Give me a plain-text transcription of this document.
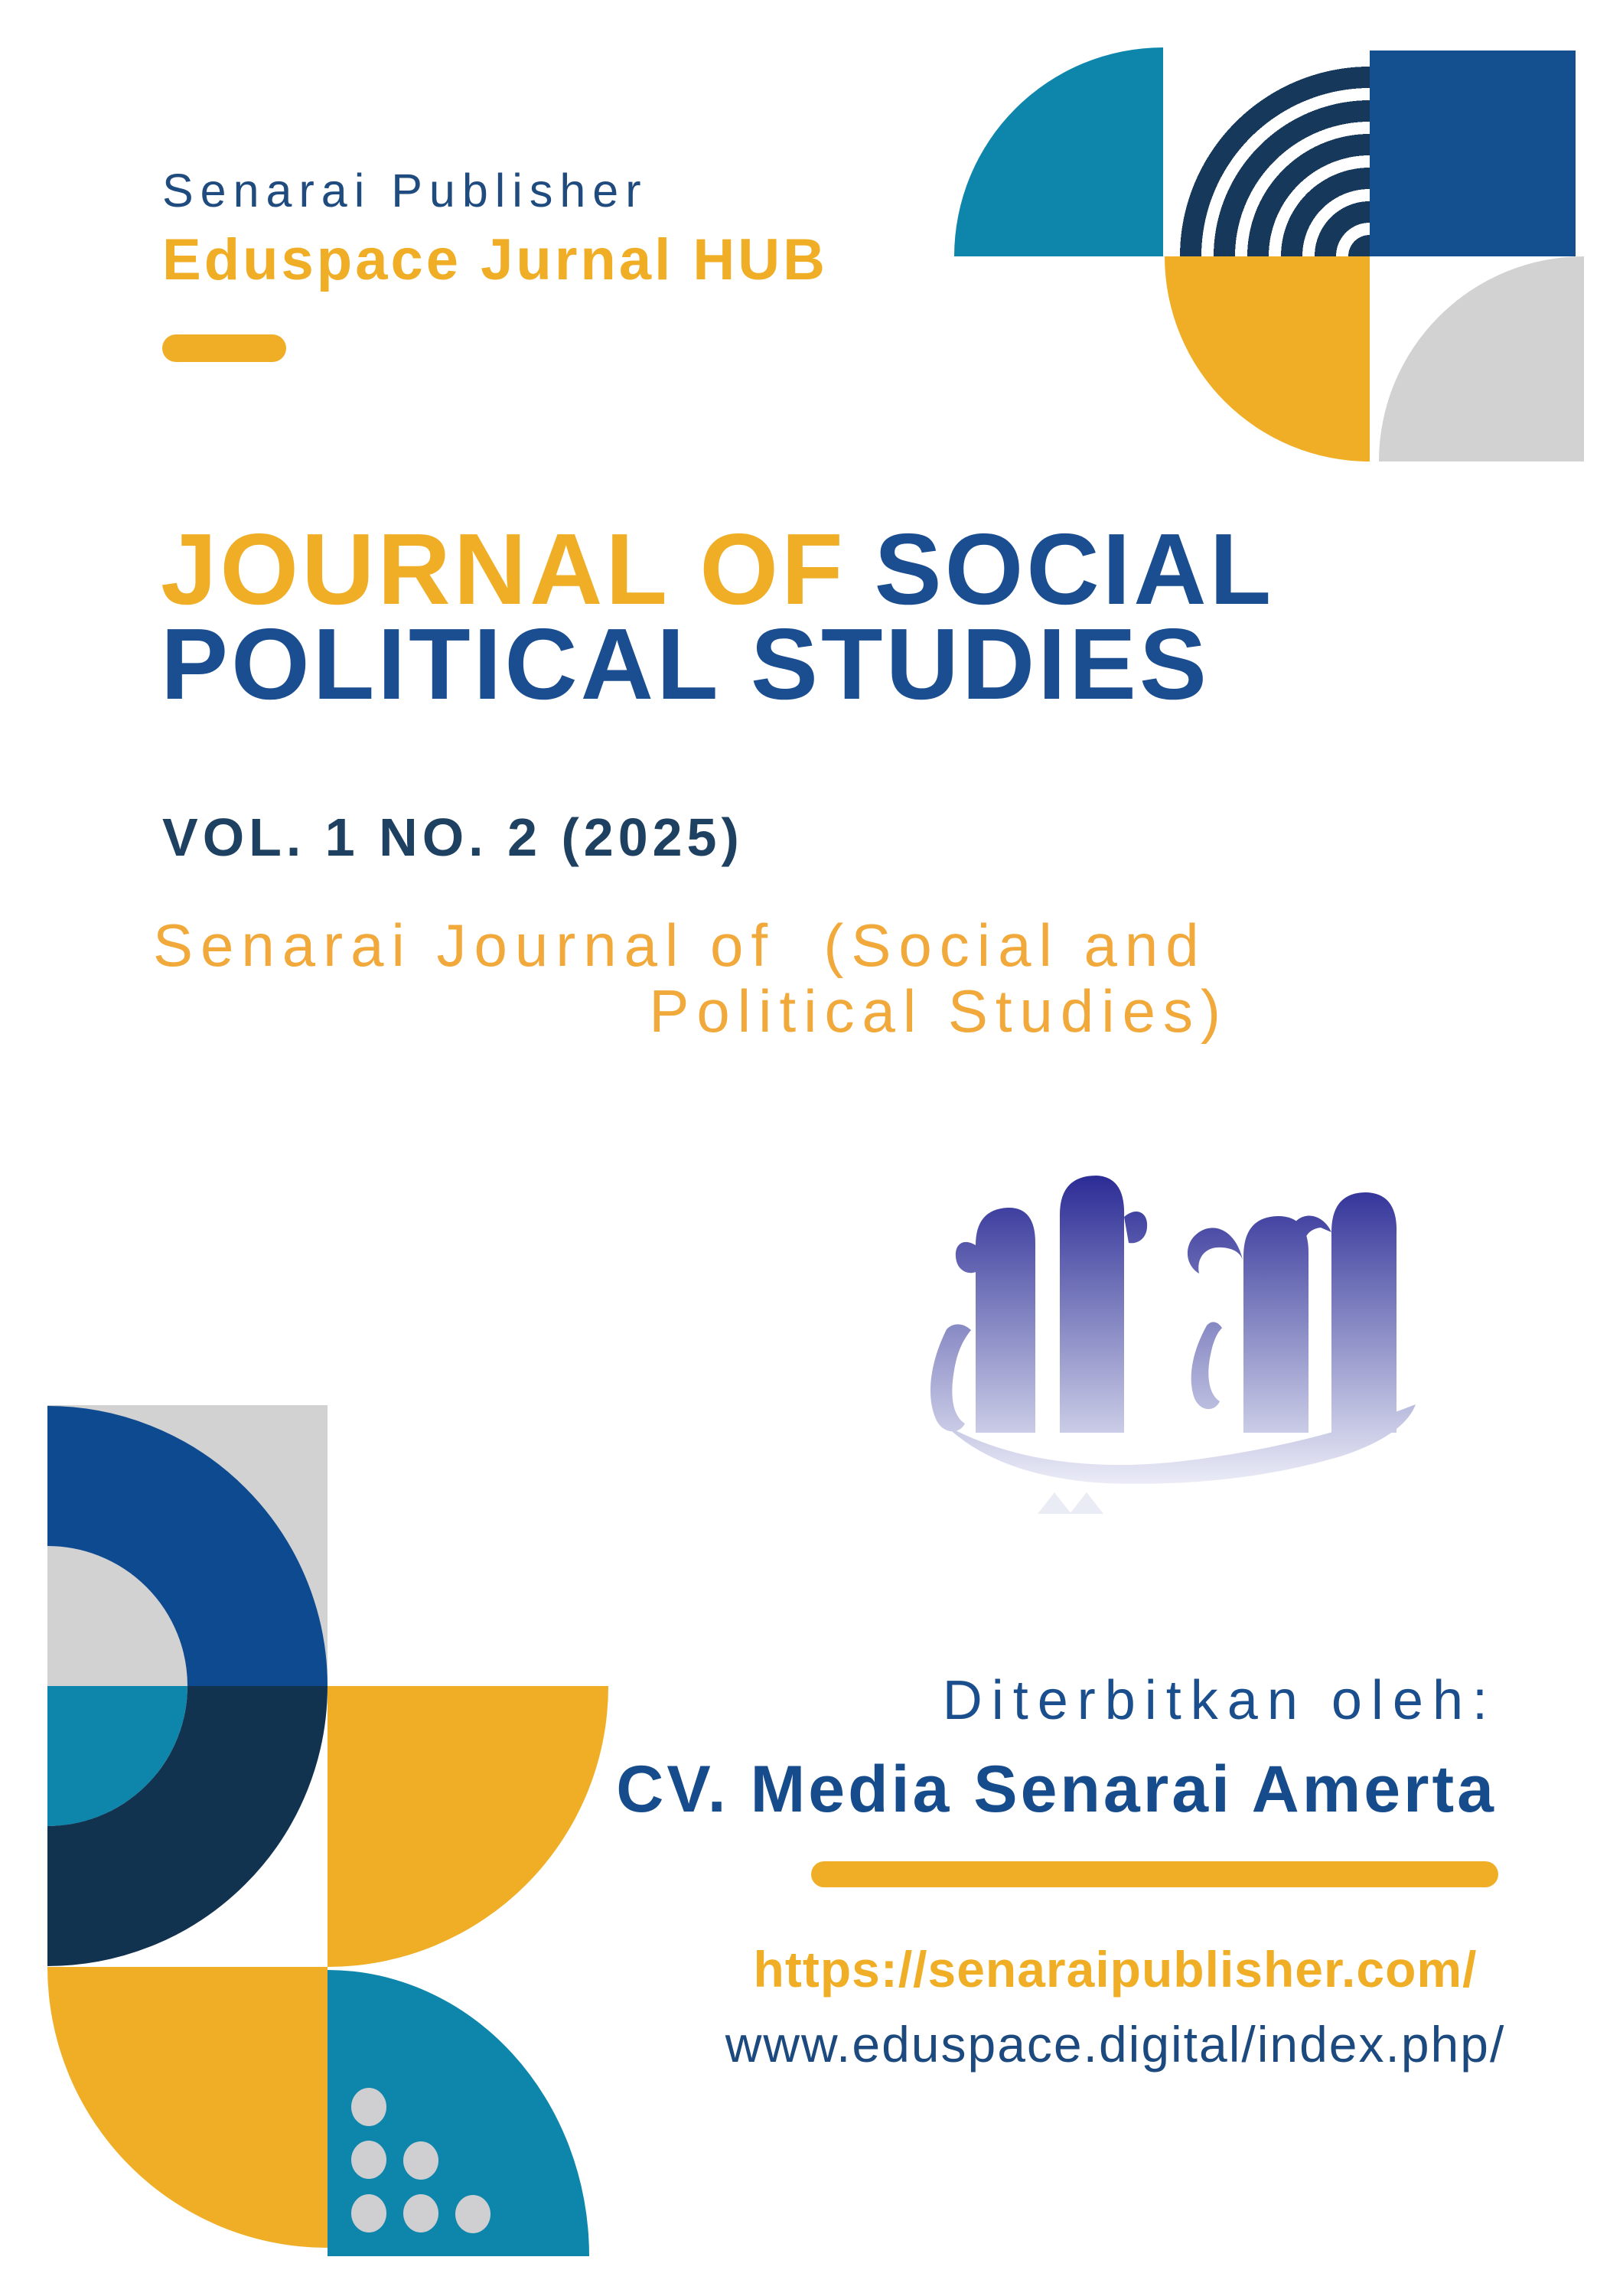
Senarai Publisher
Eduspace Jurnal HUB
JOURNAL OF SOCIAL
POLITICAL STUDIES
VOL. 1 NO. 2 (2025)
Senarai Journal of  (Social and
Political Studies)
Diterbitkan oleh:
CV. Media Senarai Amerta
https://senaraipublisher.com/
www.eduspace.digital/index.php/
